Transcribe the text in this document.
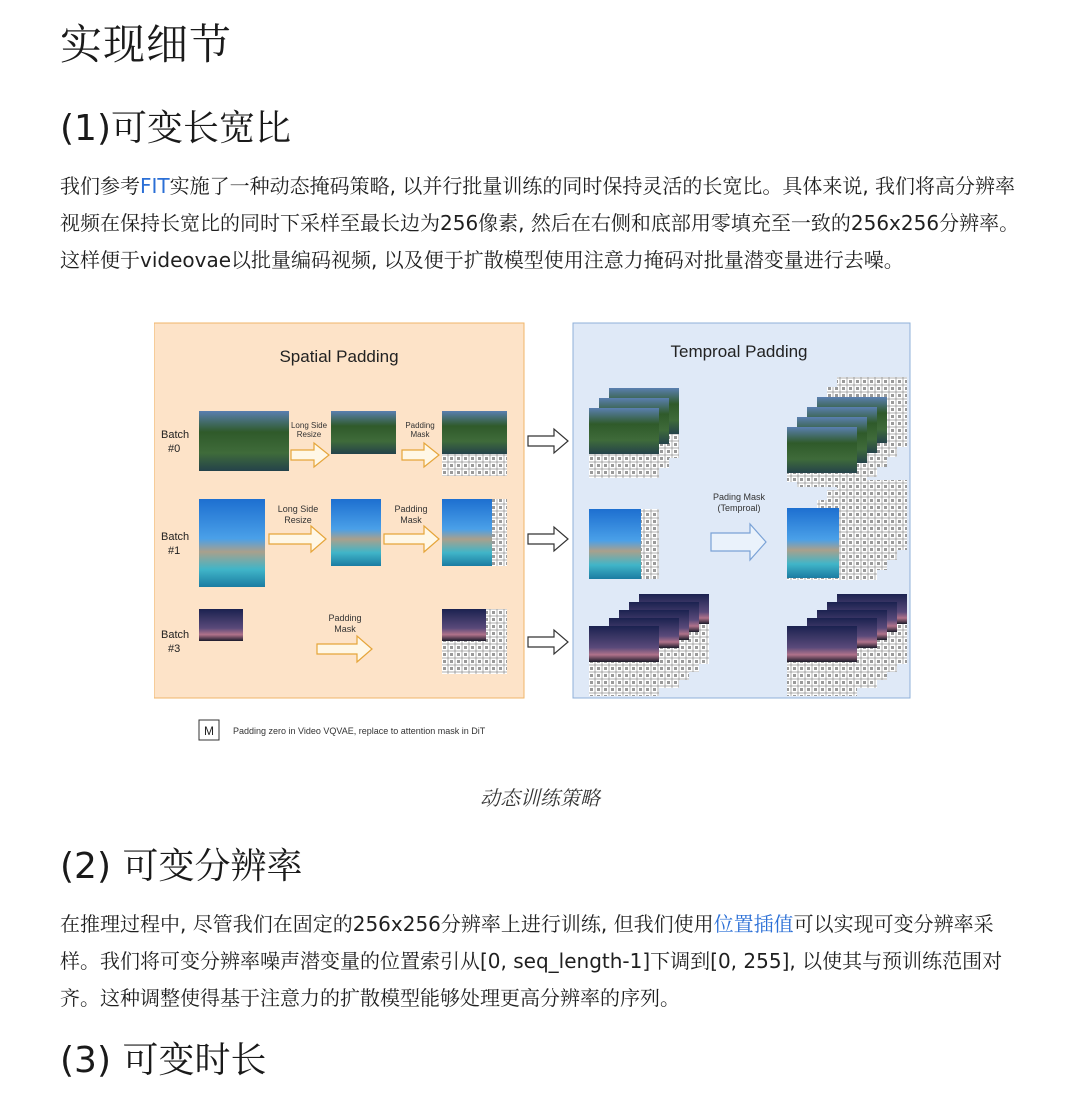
实现细节
(1)可变长宽比

我们参考FIT实施了一种动态掩码策略, 以并行批量训练的同时保持灵活的长宽比。具体来说, 我们将高分辨率视频在保持长宽比的同时下采样至最长边为256像素, 然后在右侧和底部用零填充至一致的256x256分辨率。这样便于videovae以批量编码视频, 以及便于扩散模型使用注意力掩码对批量潜变量进行去噪。

Spatial Padding	Temproal Padding
Batch #0
Batch #1
Batch #3
Long Side Resize
Padding Mask
Long Side Resize
Padding Mask
Padding Mask
Pading Mask (Temproal)
M Padding zero in Video VQVAE, replace to attention mask in DiT
动态训练策略
(2) 可变分辨率

在推理过程中, 尽管我们在固定的256x256分辨率上进行训练, 但我们使用位置插值可以实现可变分辨率采样。我们将可变分辨率噪声潜变量的位置索引从[0, seq_length-1]下调到[0, 255], 以使其与预训练范围对齐。这种调整使得基于注意力的扩散模型能够处理更高分辨率的序列。

(3) 可变时长
